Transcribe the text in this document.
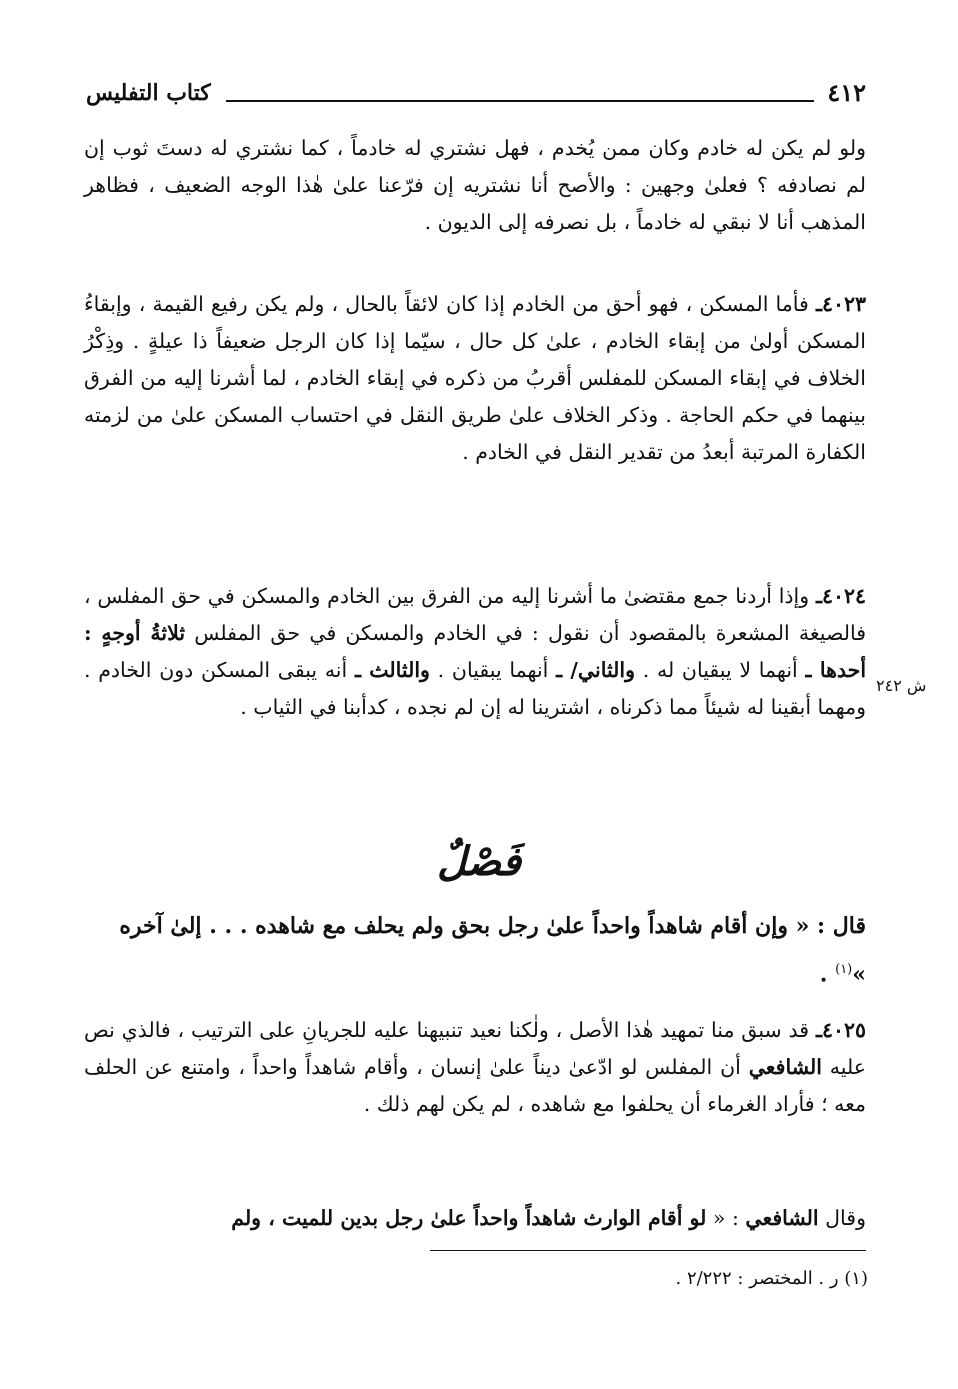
٤١٢
كتاب التفليس

ولو لم يكن له خادم وكان ممن يُخدم ، فهل نشتري له خادماً ، كما نشتري له دستَ ثوب إن لم نصادفه ؟ فعلىٰ وجهين : والأصح أنا نشتريه إن فرّعنا علىٰ هٰذا الوجه الضعيف ، فظاهر المذهب أنا لا نبقي له خادماً ، بل نصرفه إلى الديون .

٤٠٢٣ـ فأما المسكن ، فهو أحق من الخادم إذا كان لائقاً بالحال ، ولم يكن رفيع القيمة ، وإبقاءُ المسكن أولىٰ من إبقاء الخادم ، علىٰ كل حال ، سيّما إذا كان الرجل ضعيفاً ذا عيلةٍ . وذِكْرُ الخلاف في إبقاء المسكن للمفلس أقربُ من ذكره في إبقاء الخادم ، لما أشرنا إليه من الفرق بينهما في حكم الحاجة . وذكر الخلاف علىٰ طريق النقل في احتساب المسكن علىٰ من لزمته الكفارة المرتبة أبعدُ من تقدير النقل في الخادم .

٤٠٢٤ـ وإذا أردنا جمع مقتضىٰ ما أشرنا إليه من الفرق بين الخادم والمسكن في حق المفلس ، فالصيغة المشعرة بالمقصود أن نقول : في الخادم والمسكن في حق المفلس ثلاثةُ أوجهٍ : أحدها ـ أنهما لا يبقيان له . والثاني/ ـ أنهما يبقيان . والثالث ـ أنه يبقى المسكن دون الخادم . ومهما أبقينا له شيئاً مما ذكرناه ، اشترينا له إن لم نجده ، كدأبنا في الثياب .

ش ٢٤٢
فَصْلٌ

قال : « وإن أقام شاهداً واحداً علىٰ رجل بحق ولم يحلف مع شاهده . . . إلىٰ آخره »$^{(١)}$ .

٤٠٢٥ـ قد سبق منا تمهيد هٰذا الأصل ، ولٰكنا نعيد تنبيهنا عليه للجريانِ على الترتيب ، فالذي نص عليه الشافعي أن المفلس لو ادّعىٰ ديناً علىٰ إنسان ، وأقام شاهداً واحداً ، وامتنع عن الحلف معه ؛ فأراد الغرماء أن يحلفوا مع شاهده ، لم يكن لهم ذلك .

وقال الشافعي : « لو أقام الوارث شاهداً واحداً علىٰ رجل بدين للميت ، ولم

(١) ر . المختصر : ٢/٢٢٢ .
